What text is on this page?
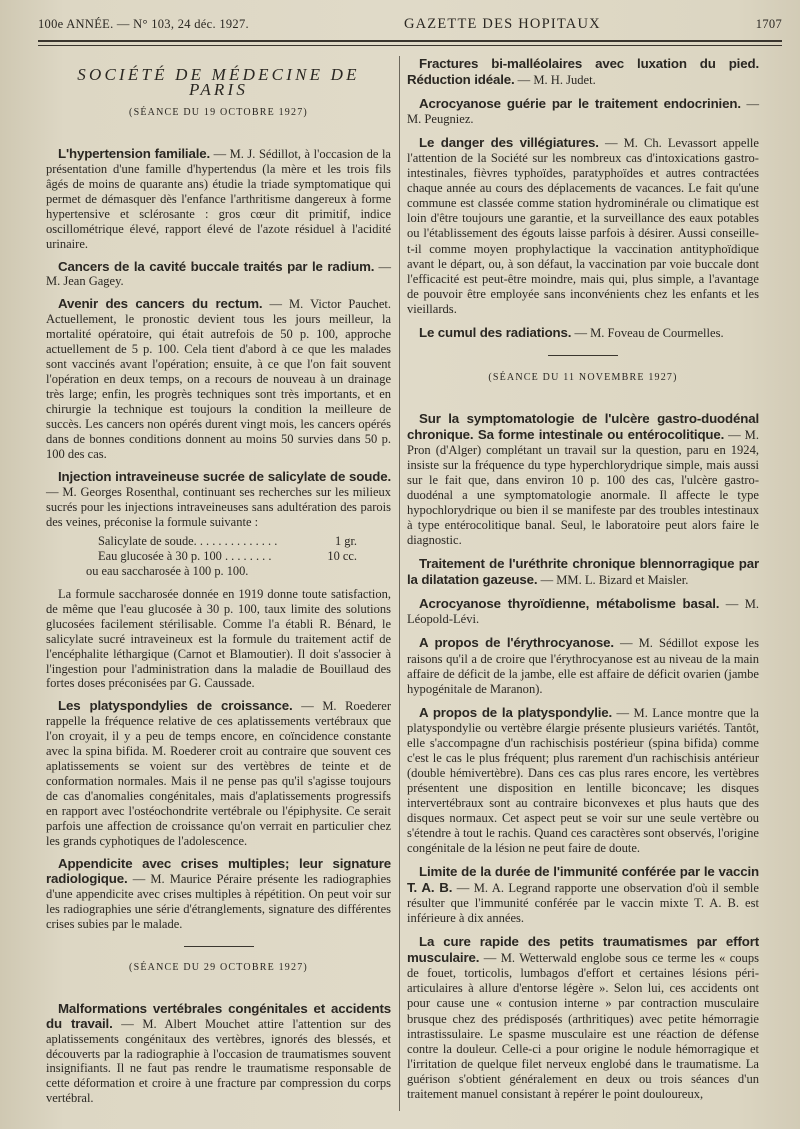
100e ANNÉE. — N° 103, 24 déc. 1927.	GAZETTE DES HOPITAUX	1707
SOCIÉTÉ DE MÉDECINE DE PARIS
(SÉANCE DU 19 OCTOBRE 1927)

L'hypertension familiale. — M. J. Sédillot, à l'occasion de la présentation d'une famille d'hypertendus (la mère et les trois fils âgés de moins de quarante ans) étudie la triade symptomatique qui permet de démasquer dès l'enfance l'arthritisme dangereux à forme hypertensive et sclérosante : gros cœur dit primitif, indice oscillométrique élevé, rapport élevé de l'azote résiduel à l'acidité urinaire.

Cancers de la cavité buccale traités par le radium. — M. Jean Gagey.

Avenir des cancers du rectum. — M. Victor Pauchet. Actuellement, le pronostic devient tous les jours meilleur, la mortalité opératoire, qui était autrefois de 50 p. 100, approche actuellement de 5 p. 100. Cela tient d'abord à ce que les malades sont vaccinés avant l'opération; ensuite, à ce que l'on fait souvent l'opération en deux temps, on a recours de nouveau à un drainage très large; enfin, les progrès techniques sont très importants, et en chirurgie la technique est toujours la condition la meilleure de succès. Les cancers non opérés durent vingt mois, les cancers opérés dans de bonnes conditions donnent au moins 50 survies dans 50 p. 100 des cas.

Injection intraveineuse sucrée de salicylate de soude. — M. Georges Rosenthal, continuant ses recherches sur les milieux sucrés pour les injections intraveineuses sans adultération des parois des veines, préconise la formule suivante :

Salicylate de soude. . . . . . . . . . . . . .	1 gr.
Eau glucosée à 30 p. 100 . . . . . . . .	10 cc.
ou eau saccharosée à 100 p. 100.

La formule saccharosée donnée en 1919 donne toute satisfaction, de même que l'eau glucosée à 30 p. 100, taux limite des solutions glucosées facilement stérilisable. Comme l'a établi R. Bénard, le salicylate sucré intraveineux est la formule du traitement actif de l'encéphalite léthargique (Carnot et Blamoutier). Il doit s'associer à l'ingestion pour l'administration dans la maladie de Bouillaud des fortes doses préconisées par G. Caussade.

Les platyspondylies de croissance. — M. Roederer rappelle la fréquence relative de ces aplatissements vertébraux que l'on croyait, il y a peu de temps encore, en coïncidence constante avec la spina bifida. M. Roederer croit au contraire que souvent ces aplatissements se voient sur des vertèbres de teinte et de conformation normales. Mais il ne pense pas qu'il s'agisse toujours de cas d'anomalies congénitales, mais d'aplatissements progressifs en rapport avec l'ostéochondrite vertébrale ou l'épiphysite. Ce serait parfois une affection de croissance qu'on verrait en particulier chez les grands cyphotiques de l'adolescence.

Appendicite avec crises multiples; leur signature radiologique. — M. Maurice Péraire présente les radiographies d'une appendicite avec crises multiples à répétition. On peut voir sur les radiographies une série d'étranglements, signature des différentes crises subies par le malade.

(SÉANCE DU 29 OCTOBRE 1927)

Malformations vertébrales congénitales et accidents du travail. — M. Albert Mouchet attire l'attention sur des aplatissements congénitaux des vertèbres, ignorés des blessés, et découverts par la radiographie à l'occasion de traumatismes souvent insignifiants. Il ne faut pas rendre le traumatisme responsable de cette déformation et croire à une fracture par compression du corps vertébral.

Fractures bi-malléolaires avec luxation du pied. Réduction idéale. — M. H. Judet.

Acrocyanose guérie par le traitement endocrinien. — M. Peugniez.

Le danger des villégiatures. — M. Ch. Levassort appelle l'attention de la Société sur les nombreux cas d'intoxications gastro-intestinales, fièvres typhoïdes, paratyphoïdes et autres contractées chaque année au cours des déplacements de vacances. Le fait qu'une commune est classée comme station hydrominérale ou climatique est loin d'être toujours une garantie, et la surveillance des eaux potables ou l'établissement des égouts laisse parfois à désirer. Aussi conseille-t-il comme moyen prophylactique la vaccination antityphoïdique avant le départ, ou, à son défaut, la vaccination par voie buccale dont l'efficacité est peut-être moindre, mais qui, plus simple, a l'avantage de pouvoir être employée sans inconvénients chez les enfants et les vieillards.

Le cumul des radiations. — M. Foveau de Courmelles.

(SÉANCE DU 11 NOVEMBRE 1927)

Sur la symptomatologie de l'ulcère gastro-duodénal chronique. Sa forme intestinale ou entérocolitique. — M. Pron (d'Alger) complétant un travail sur la question, paru en 1924, insiste sur la fréquence du type hyperchlorydrique simple, mais aussi sur le fait que, dans environ 10 p. 100 des cas, l'ulcère gastro-duodénal a une symptomatologie anormale. Il affecte le type hypochlorydrique ou bien il se manifeste par des troubles intestinaux à type entérocolitique banal. Seul, le laboratoire peut alors faire le diagnostic.

Traitement de l'uréthrite chronique blennorragique par la dilatation gazeuse. — MM. L. Bizard et Maisler.

Acrocyanose thyroïdienne, métabolisme basal. — M. Léopold-Lévi.

A propos de l'érythrocyanose. — M. Sédillot expose les raisons qu'il a de croire que l'érythrocyanose est au niveau de la main affaire de déficit de la jambe, elle est affaire de déficit ovarien (jambe hypogénitale de Maranon).

A propos de la platyspondylie. — M. Lance montre que la platyspondylie ou vertèbre élargie présente plusieurs variétés. Tantôt, elle s'accompagne d'un rachischisis postérieur (spina bifida) comme c'est le cas le plus fréquent; plus rarement d'un rachischisis antérieur (double hémivertèbre). Dans ces cas plus rares encore, les vertèbres présentent une disposition en lentille biconcave; les disques intervertébraux sont au contraire biconvexes et plus hauts que des disques normaux. Cet aspect peut se voir sur une seule vertèbre ou s'étendre à tout le rachis. Quand ces caractères sont observés, l'origine congénitale de la lésion ne peut faire de doute.

Limite de la durée de l'immunité conférée par le vaccin T. A. B. — M. A. Legrand rapporte une observation d'où il semble résulter que l'immunité conférée par le vaccin mixte T. A. B. est inférieure à dix années.

La cure rapide des petits traumatismes par effort musculaire. — M. Wetterwald englobe sous ce terme les « coups de fouet, torticolis, lumbagos d'effort et certaines lésions péri-articulaires à allure d'entorse légère ». Selon lui, ces accidents ont pour cause une « contusion interne » par contraction musculaire brusque chez des prédisposés (arthritiques) avec petite hémorragie intrastissulaire. Le spasme musculaire est une réaction de défense contre la douleur. Celle-ci a pour origine le nodule hémorragique et l'irritation de quelque filet nerveux englobé dans le traumatisme. La guérison s'obtient généralement en deux ou trois séances d'un traitement manuel consistant à repérer le point douloureux,
